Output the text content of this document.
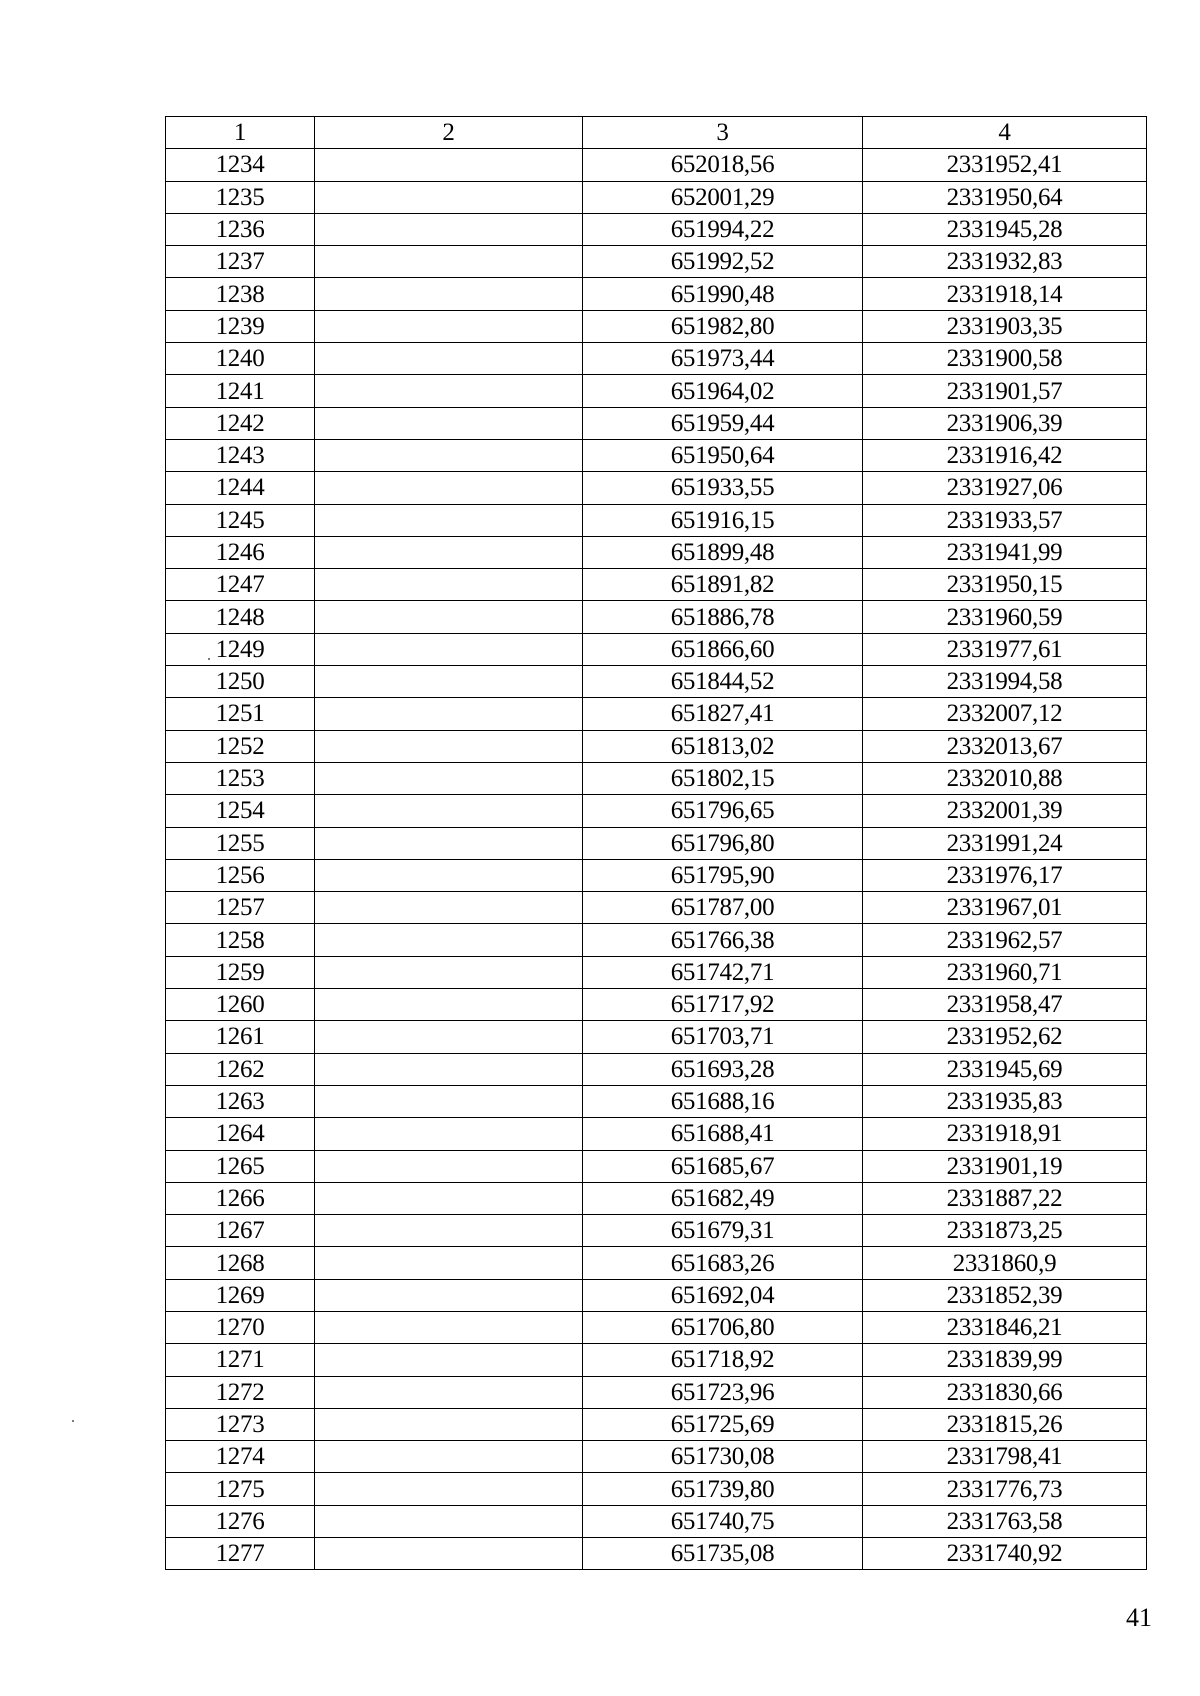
1	2	3	4
1234		652018,56	2331952,41
1235		652001,29	2331950,64
1236		651994,22	2331945,28
1237		651992,52	2331932,83
1238		651990,48	2331918,14
1239		651982,80	2331903,35
1240		651973,44	2331900,58
1241		651964,02	2331901,57
1242		651959,44	2331906,39
1243		651950,64	2331916,42
1244		651933,55	2331927,06
1245		651916,15	2331933,57
1246		651899,48	2331941,99
1247		651891,82	2331950,15
1248		651886,78	2331960,59
1249		651866,60	2331977,61
1250		651844,52	2331994,58
1251		651827,41	2332007,12
1252		651813,02	2332013,67
1253		651802,15	2332010,88
1254		651796,65	2332001,39
1255		651796,80	2331991,24
1256		651795,90	2331976,17
1257		651787,00	2331967,01
1258		651766,38	2331962,57
1259		651742,71	2331960,71
1260		651717,92	2331958,47
1261		651703,71	2331952,62
1262		651693,28	2331945,69
1263		651688,16	2331935,83
1264		651688,41	2331918,91
1265		651685,67	2331901,19
1266		651682,49	2331887,22
1267		651679,31	2331873,25
1268		651683,26	2331860,9
1269		651692,04	2331852,39
1270		651706,80	2331846,21
1271		651718,92	2331839,99
1272		651723,96	2331830,66
1273		651725,69	2331815,26
1274		651730,08	2331798,41
1275		651739,80	2331776,73
1276		651740,75	2331763,58
1277		651735,08	2331740,92
41
